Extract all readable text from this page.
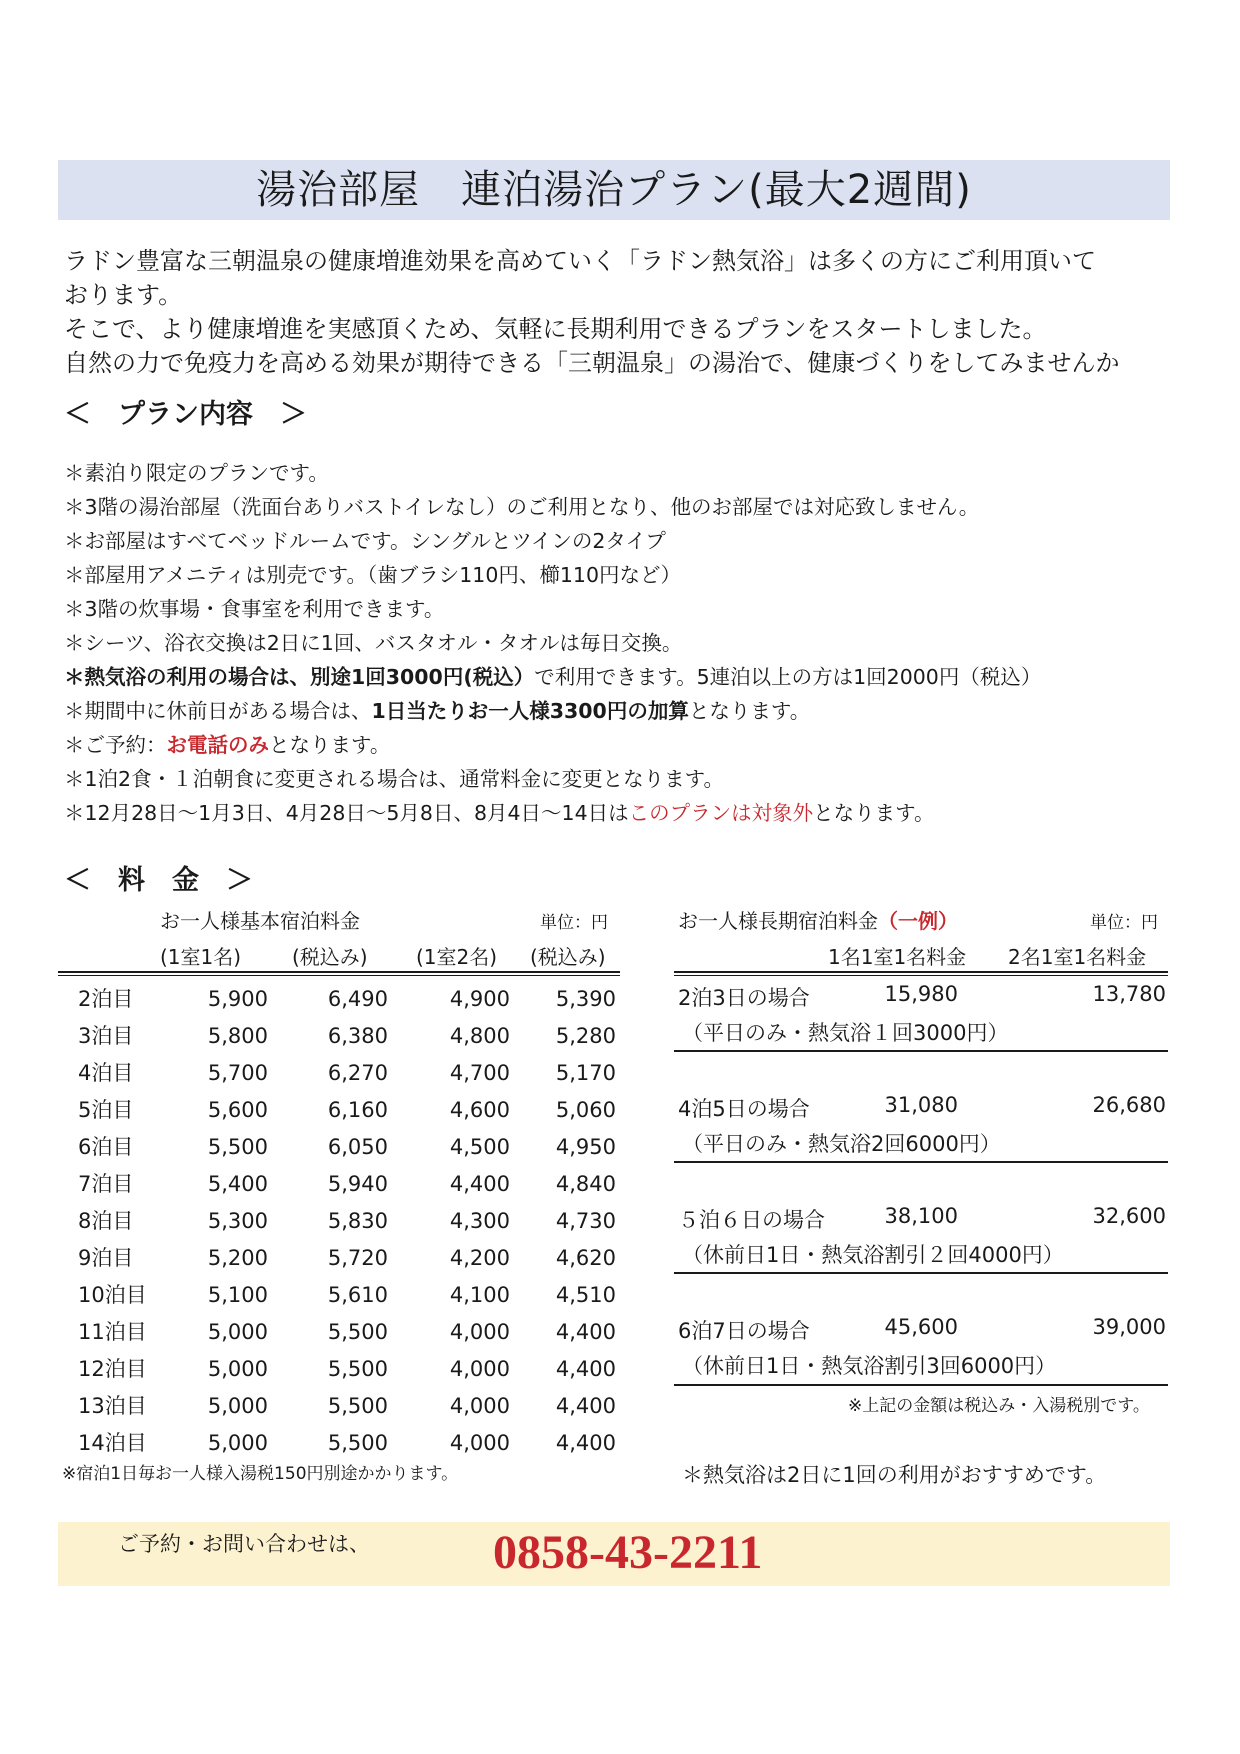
湯治部屋　連泊湯治プラン(最大2週間)
ラドン豊富な三朝温泉の健康増進効果を高めていく「ラドン熱気浴」は多くの方にご利用頂いて
おります。
そこで、より健康増進を実感頂くため、気軽に長期利用できるプランをスタートしました。
自然の力で免疫力を高める効果が期待できる「三朝温泉」の湯治で、健康づくりをしてみませんか
＜　プラン内容　＞
＊素泊り限定のプランです。
＊3階の湯治部屋（洗面台ありバストイレなし）のご利用となり、他のお部屋では対応致しません。
＊お部屋はすべてベッドルームです。シングルとツインの2タイプ
＊部屋用アメニティは別売です。（歯ブラシ110円、櫛110円など）
＊3階の炊事場・食事室を利用できます。
＊シーツ、浴衣交換は2日に1回、バスタオル・タオルは毎日交換。
＊熱気浴の利用の場合は、別途1回3000円(税込）で利用できます。5連泊以上の方は1回2000円（税込）
＊期間中に休前日がある場合は、1日当たりお一人様3300円の加算となります。
＊ご予約：お電話のみとなります。
＊1泊2食・１泊朝食に変更される場合は、通常料金に変更となります。
＊12月28日～1月3日、4月28日～5月8日、8月4日～14日はこのプランは対象外となります。
＜　料　金　＞
お一人様基本宿泊料金	単位：円
(1室1名)	(税込み) (1室2名) (税込み)
2泊目	5,900	6,490	4,900 5,390
3泊目	5,800	6,380	4,800 5,280
4泊目	5,700	6,270	4,700 5,170
5泊目	5,600	6,160	4,600 5,060
6泊目	5,500	6,050	4,500 4,950
7泊目	5,400	5,940	4,400 4,840
8泊目	5,300	5,830	4,300 4,730
9泊目	5,200	5,720	4,200 4,620
10泊目	5,100	5,610	4,100 4,510
11泊目	5,000	5,500	4,000 4,400
12泊目	5,000	5,500	4,000 4,400
13泊目	5,000	5,500	4,000 4,400
14泊目	5,000	5,500	4,000 4,400
※宿泊1日毎お一人様入湯税150円別途かかります。
お一人様長期宿泊料金（一例）	単位：円
1名1室1名料金 2名1室1名料金
2泊3日の場合	15,980	13,780
（平日のみ・熱気浴１回3000円）
4泊5日の場合	31,080	26,680
（平日のみ・熱気浴2回6000円）
５泊６日の場合	38,100	32,600
（休前日1日・熱気浴割引２回4000円）
6泊7日の場合	45,600	39,000
（休前日1日・熱気浴割引3回6000円）
※上記の金額は税込み・入湯税別です。
＊熱気浴は2日に1回の利用がおすすめです。
ご予約・お問い合わせは、	0858-43-2211
